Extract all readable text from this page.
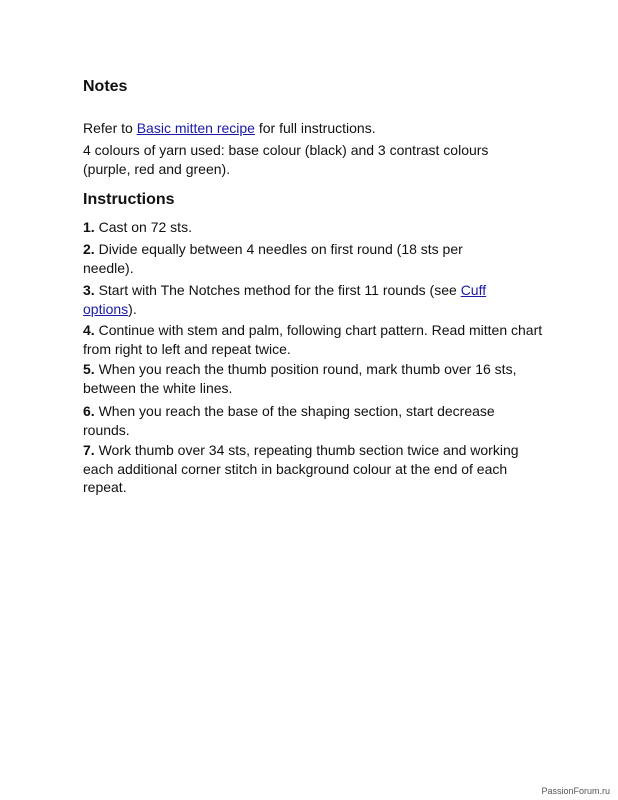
Notes

Refer to Basic mitten recipe for full instructions.

4 colours of yarn used: base colour (black) and 3 contrast colours (purple, red and green).

Instructions

1. Cast on 72 sts.

2. Divide equally between 4 needles on first round (18 sts per needle).

3. Start with The Notches method for the first 11 rounds (see Cuff options).

4. Continue with stem and palm, following chart pattern. Read mitten chart from right to left and repeat twice.

5. When you reach the thumb position round, mark thumb over 16 sts, between the white lines.

6. When you reach the base of the shaping section, start decrease rounds.

7. Work thumb over 34 sts, repeating thumb section twice and working each additional corner stitch in background colour at the end of each repeat.

PassionForum.ru
